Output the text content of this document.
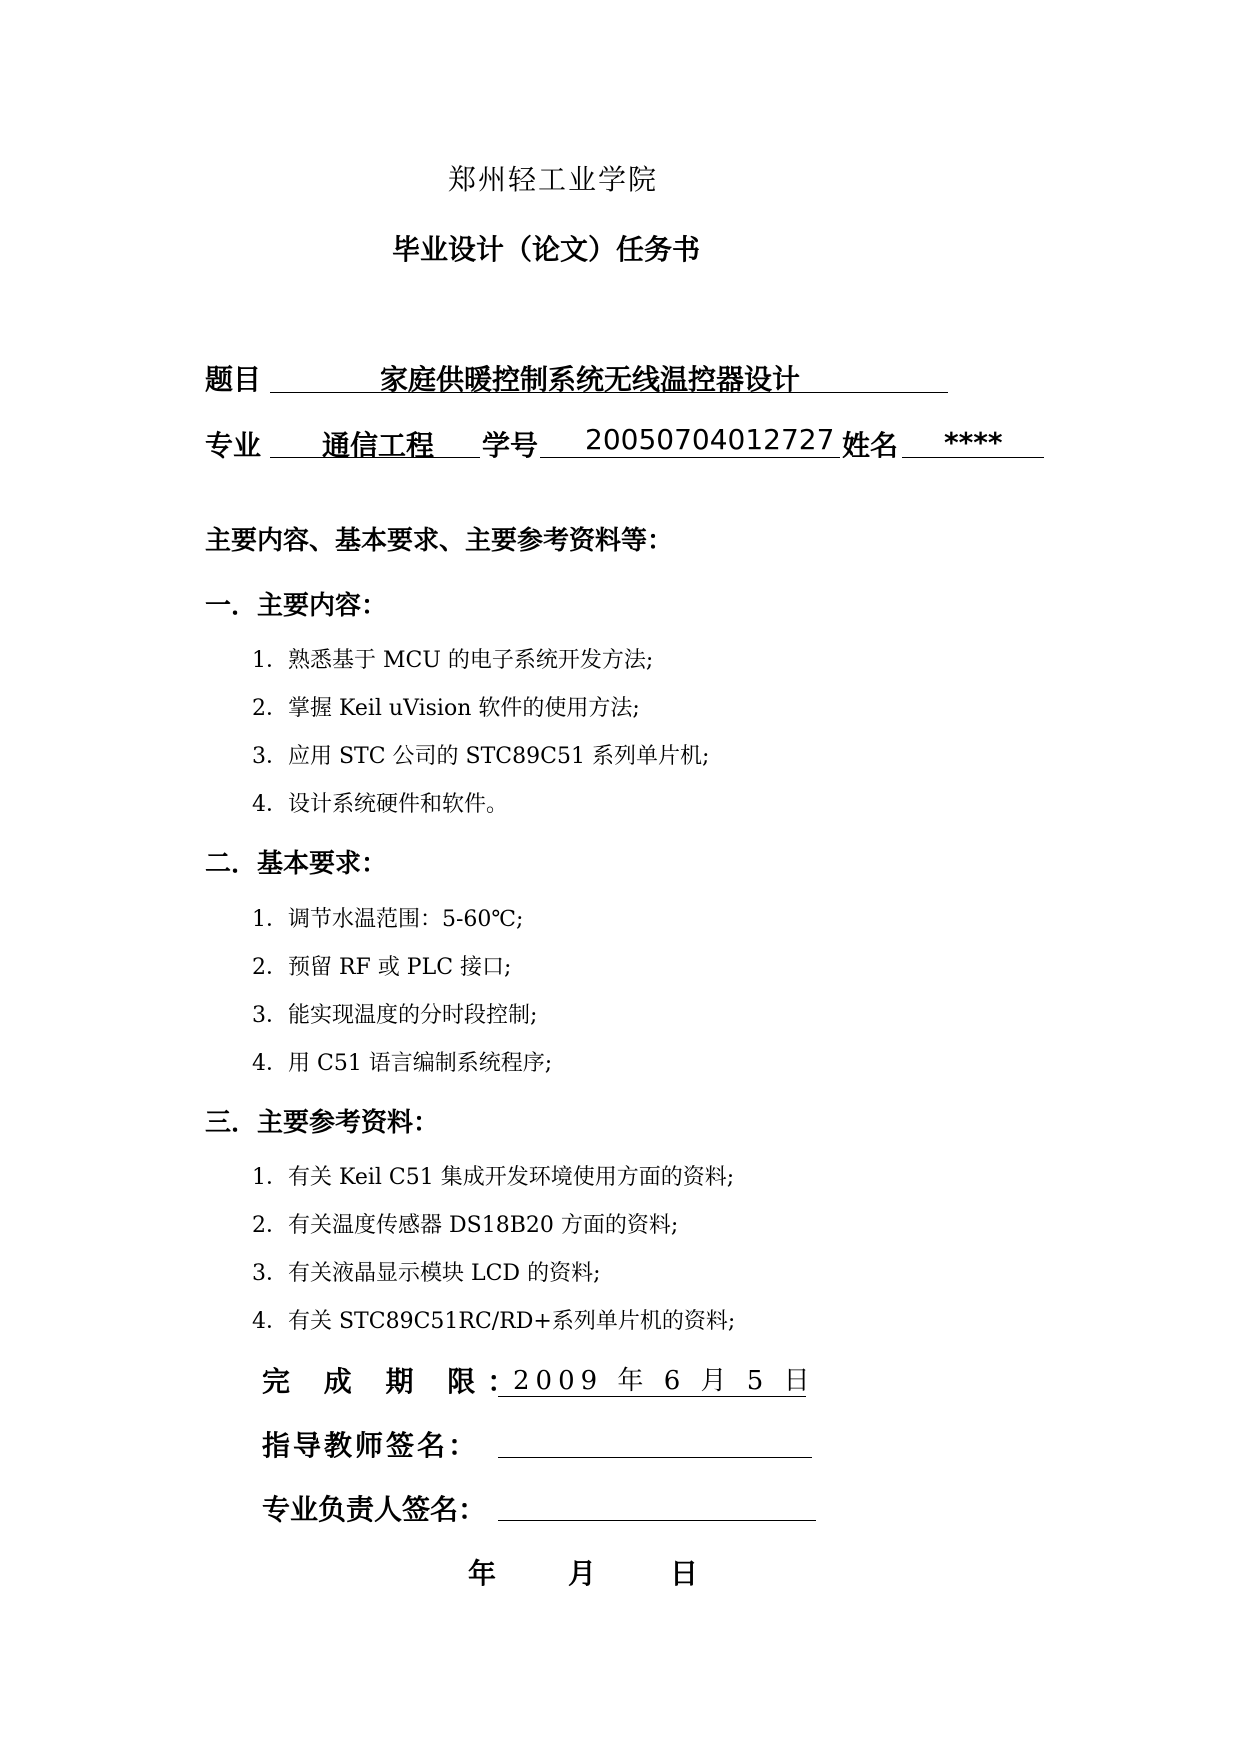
郑州轻工业学院
毕业设计（论文）任务书
题目	家庭供暖控制系统无线温控器设计
专业 通信工程 学号 20050704012727 姓名 ****
主要内容、基本要求、主要参考资料等：
一．主要内容：
1．熟悉基于 MCU 的电子系统开发方法;
2．掌握 Keil uVision 软件的使用方法;
3．应用 STC 公司的 STC89C51 系列单片机;
4．设计系统硬件和软件。
二．基本要求：
1．调节水温范围：5-60℃;
2．预留 RF 或 PLC 接口;
3．能实现温度的分时段控制;
4．用 C51 语言编制系统程序;
三．主要参考资料：
1．有关 Keil C51 集成开发环境使用方面的资料;
2．有关温度传感器 DS18B20 方面的资料;
3．有关液晶显示模块 LCD 的资料;
4．有关 STC89C51RC/RD+系列单片机的资料;
完 成 期 限：
2009 年 6 月 5 日
指导教师签名：
专业负责人签名：
年	月	日
